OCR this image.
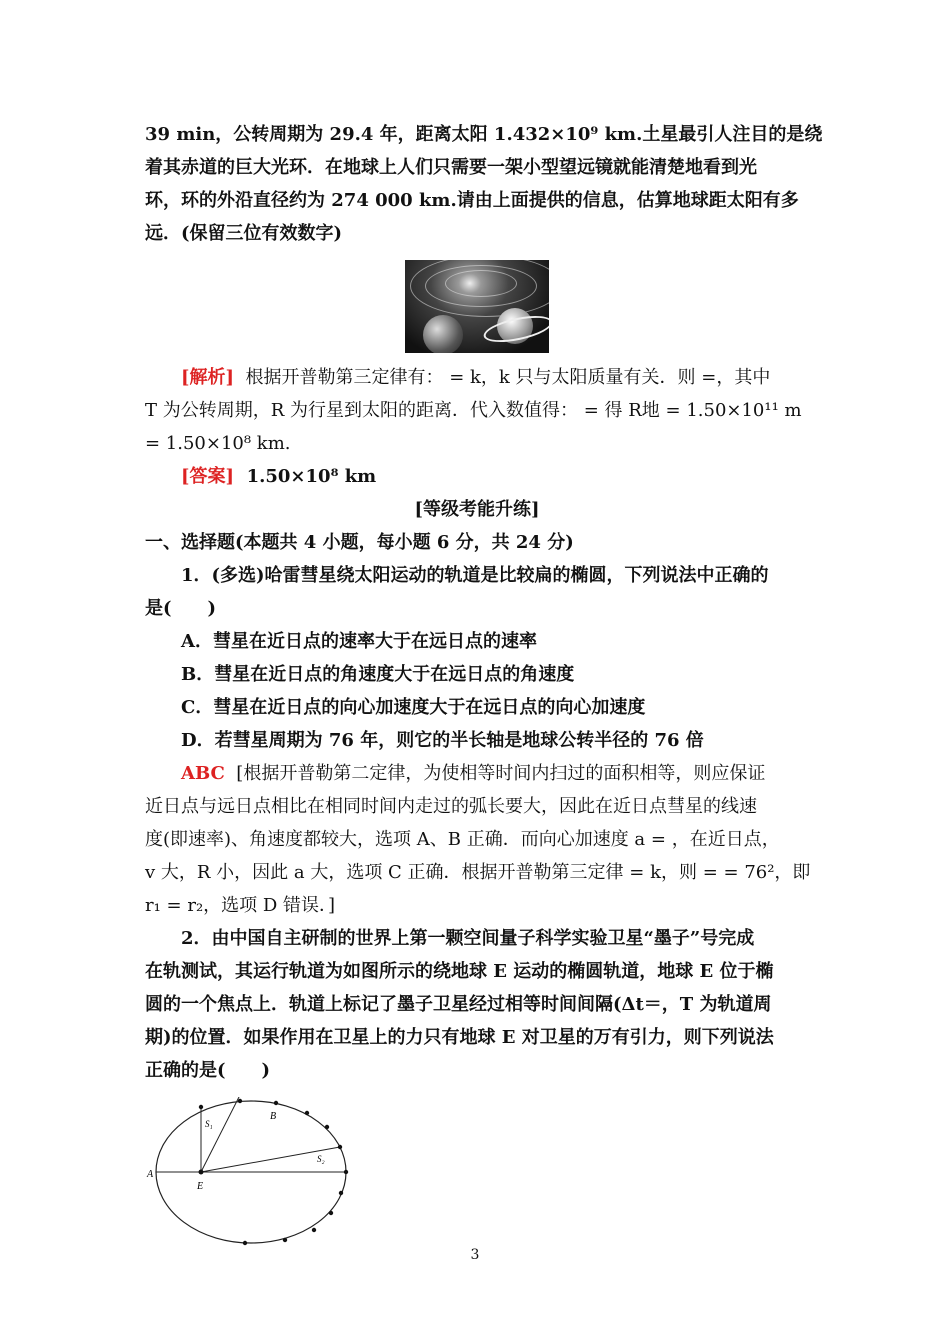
39 min，公转周期为 29.4 年，距离太阳 1.432×10⁹ km.土星最引人注目的是绕

着其赤道的巨大光环．在地球上人们只需要一架小型望远镜就能清楚地看到光

环，环的外沿直径约为 274 000 km.请由上面提供的信息，估算地球距太阳有多

远．(保留三位有效数字)

[解析] 根据开普勒第三定律有： = k，k 只与太阳质量有关．则 =，其中

T 为公转周期，R 为行星到太阳的距离．代入数值得： = 得 R地 = 1.50×10¹¹ m

= 1.50×10⁸ km.

[答案] 1.50×10⁸ km

[等级考能升练]

一、选择题(本题共 4 小题，每小题 6 分，共 24 分)

1．(多选)哈雷彗星绕太阳运动的轨道是比较扁的椭圆，下列说法中正确的

是(　　)

A．彗星在近日点的速率大于在远日点的速率

B．彗星在近日点的角速度大于在远日点的角速度

C．彗星在近日点的向心加速度大于在远日点的向心加速度

D．若彗星周期为 76 年，则它的半长轴是地球公转半径的 76 倍

ABC [根据开普勒第二定律，为使相等时间内扫过的面积相等，则应保证

近日点与远日点相比在相同时间内走过的弧长要大，因此在近日点彗星的线速

度(即速率)、角速度都较大，选项 A、B 正确．而向心加速度 a = ，在近日点，

v 大，R 小，因此 a 大，选项 C 正确．根据开普勒第三定律 = k，则 = = 76²，即

r₁ = r₂，选项 D 错误．]

2．由中国自主研制的世界上第一颗空间量子科学实验卫星“墨子”号完成

在轨测试，其运行轨道为如图所示的绕地球 E 运动的椭圆轨道，地球 E 位于椭

圆的一个焦点上．轨道上标记了墨子卫星经过相等时间间隔(Δt＝，T 为轨道周

期)的位置．如果作用在卫星上的力只有地球 E 对卫星的万有引力，则下列说法

正确的是(　　)

A
E
B
S₁
S₂
3
